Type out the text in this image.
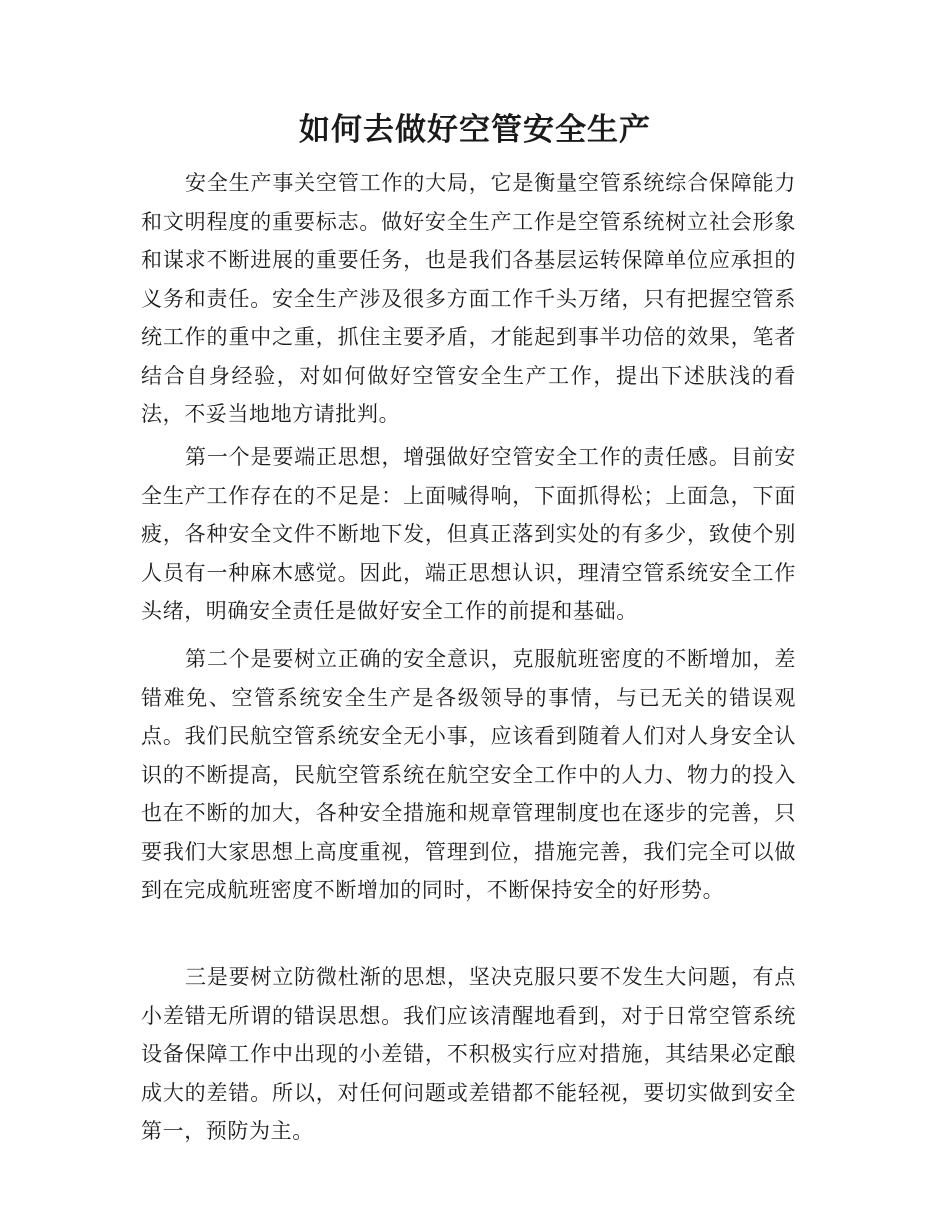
如何去做好空管安全生产

安全生产事关空管工作的大局，它是衡量空管系统综合保障能力和文明程度的重要标志。做好安全生产工作是空管系统树立社会形象和谋求不断进展的重要任务，也是我们各基层运转保障单位应承担的义务和责任。安全生产涉及很多方面工作千头万绪，只有把握空管系统工作的重中之重，抓住主要矛盾，才能起到事半功倍的效果，笔者结合自身经验，对如何做好空管安全生产工作，提出下述肤浅的看法，不妥当地地方请批判。

第一个是要端正思想，增强做好空管安全工作的责任感。目前安全生产工作存在的不足是：上面喊得响，下面抓得松；上面急，下面疲，各种安全文件不断地下发，但真正落到实处的有多少，致使个别人员有一种麻木感觉。因此，端正思想认识，理清空管系统安全工作头绪，明确安全责任是做好安全工作的前提和基础。

第二个是要树立正确的安全意识，克服航班密度的不断增加，差错难免、空管系统安全生产是各级领导的事情，与已无关的错误观点。我们民航空管系统安全无小事，应该看到随着人们对人身安全认识的不断提高，民航空管系统在航空安全工作中的人力、物力的投入也在不断的加大，各种安全措施和规章管理制度也在逐步的完善，只要我们大家思想上高度重视，管理到位，措施完善，我们完全可以做到在完成航班密度不断增加的同时，不断保持安全的好形势。

三是要树立防微杜渐的思想，坚决克服只要不发生大问题，有点小差错无所谓的错误思想。我们应该清醒地看到，对于日常空管系统设备保障工作中出现的小差错，不积极实行应对措施，其结果必定酿成大的差错。所以，对任何问题或差错都不能轻视，要切实做到安全第一，预防为主。
